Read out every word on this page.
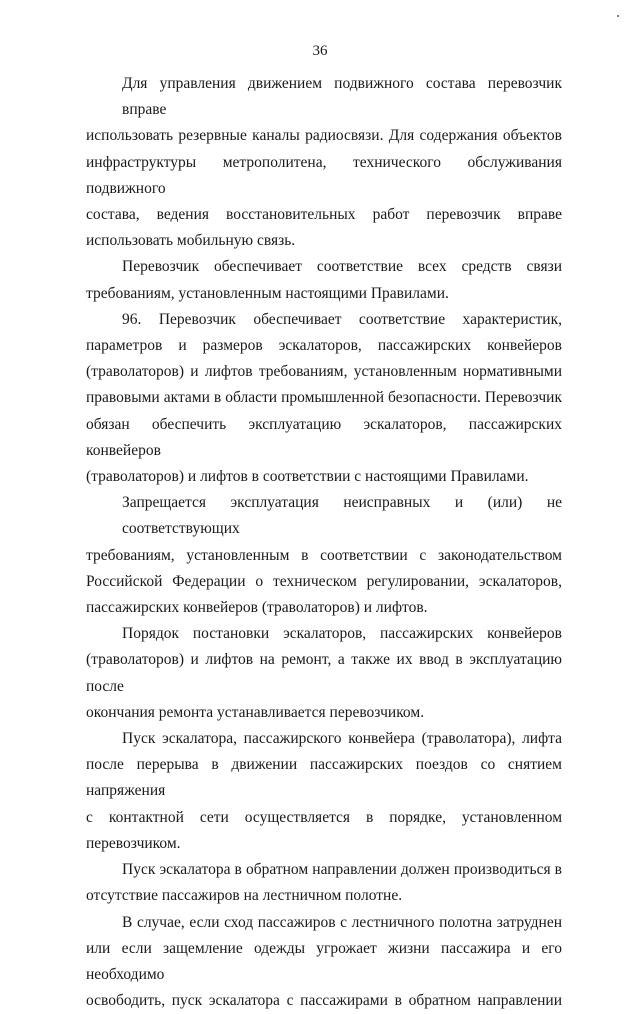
36

Для управления движением подвижного состава перевозчик вправе
использовать резервные каналы радиосвязи. Для содержания объектов
инфраструктуры метрополитена, технического обслуживания подвижного
состава, ведения восстановительных работ перевозчик вправе
использовать мобильную связь.

Перевозчик обеспечивает соответствие всех средств связи
требованиям, установленным настоящими Правилами.

96. Перевозчик обеспечивает соответствие характеристик,
параметров и размеров эскалаторов, пассажирских конвейеров
(траволаторов) и лифтов требованиям, установленным нормативными
правовыми актами в области промышленной безопасности. Перевозчик
обязан обеспечить эксплуатацию эскалаторов, пассажирских конвейеров
(траволаторов) и лифтов в соответствии с настоящими Правилами.

Запрещается эксплуатация неисправных и (или) не соответствующих
требованиям, установленным в соответствии с законодательством
Российской Федерации о техническом регулировании, эскалаторов,
пассажирских конвейеров (траволаторов) и лифтов.

Порядок постановки эскалаторов, пассажирских конвейеров
(траволаторов) и лифтов на ремонт, а также их ввод в эксплуатацию после
окончания ремонта устанавливается перевозчиком.

Пуск эскалатора, пассажирского конвейера (траволатора), лифта
после перерыва в движении пассажирских поездов со снятием напряжения
с контактной сети осуществляется в порядке, установленном
перевозчиком.

Пуск эскалатора в обратном направлении должен производиться в
отсутствие пассажиров на лестничном полотне.

В случае, если сход пассажиров с лестничного полотна затруднен
или если защемление одежды угрожает жизни пассажира и его необходимо
освободить, пуск эскалатора с пассажирами в обратном направлении
